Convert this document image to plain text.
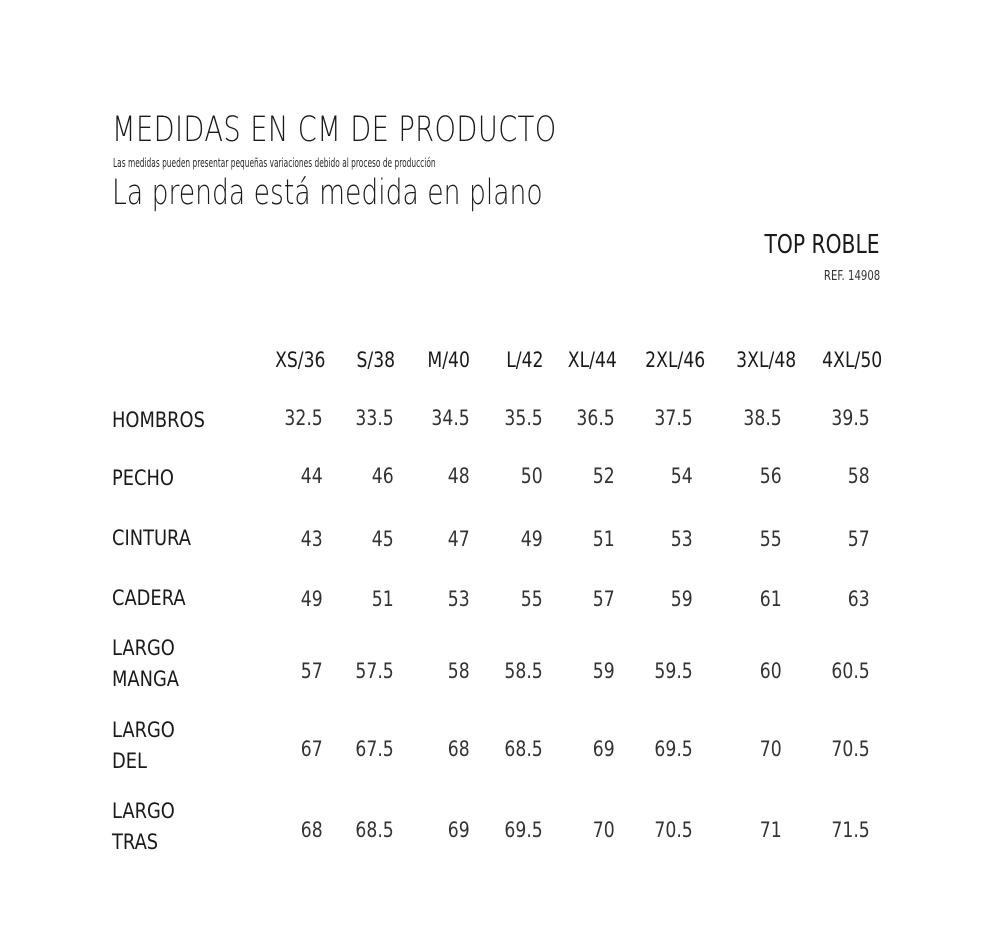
MEDIDAS EN CM DE PRODUCTO
Las medidas pueden presentar pequeñas variaciones debido al proceso de producción
La prenda está medida en plano
TOP ROBLE
REF. 14908
XS/36 S/38 M/40 L/42 XL/44 2XL/46 3XL/48 4XL/50
HOMBROS	32.5 33.5 34.5 35.5 36.5 37.5 38.5 39.5
PECHO	44 46	48 50 52	54	56	58
CINTURA	43 45	47 49 51	53	55	57
CADERA	49 51	53 55 57	59	61	63
LARGO
MANGA	57 57.5	58 58.5 59 59.5	60 60.5
LARGO
DEL	67 67.5	68 68.5 69 69.5	70 70.5
LARGO
TRAS	68 68.5	69 69.5 70 70.5	71 71.5
